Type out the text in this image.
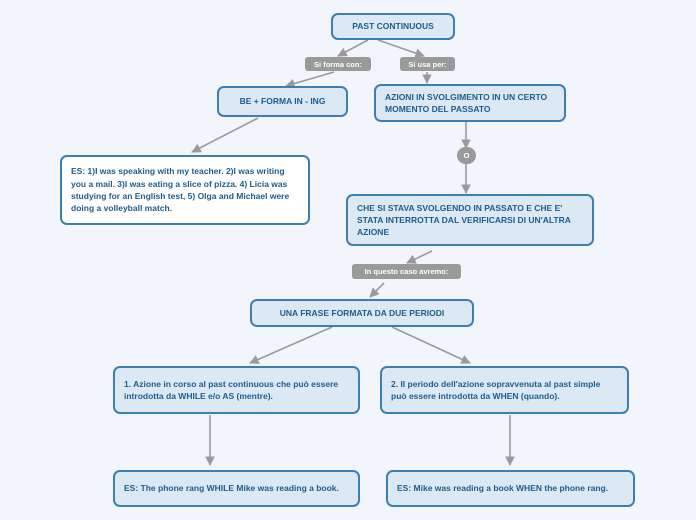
PAST CONTINUOUS
Si forma con:	Si usa per:
BE + FORMA IN - ING	AZIONI IN SVOLGIMENTO IN UN CERTO MOMENTO DEL PASSATO
ES: 1)I was speaking with my teacher. 2)I was writing you a mail. 3)I was eating a slice of pizza. 4) Licia was studying for an English test, 5) Olga and Michael were doing a volleyball match.
O
CHE SI STAVA SVOLGENDO IN PASSATO E CHE E' STATA INTERROTTA DAL VERIFICARSI DI UN'ALTRA AZIONE
In questo caso avremo:
UNA FRASE FORMATA DA DUE PERIODI
1. Azione in corso al past continuous che può essere introdotta da WHILE e/o AS (mentre).
2. Il periodo dell'azione sopravvenuta al past simple può essere introdotta da WHEN (quando).
ES: The phone rang WHILE Mike was reading a book.	ES: Mike was reading a book WHEN the phone rang.
